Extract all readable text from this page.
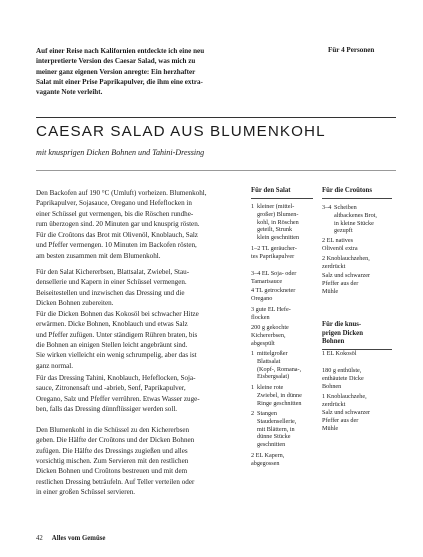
Auf einer Reise nach Kalifornien entdeckte ich eine neu
interpretierte Version des Caesar Salad, was mich zu
meiner ganz eigenen Version anregte: Ein herzhafter
Salat mit einer Prise Paprikapulver, die ihm eine extra-
vagante Note verleiht.
Für 4 Personen
CAESAR SALAD AUS BLUMENKOHL
mit knusprigen Dicken Bohnen und Tahini-Dressing
Den Backofen auf 190 °C (Umluft) vorheizen. Blumenkohl,
Paprikapulver, Sojasauce, Oregano und Hefeflocken in
einer Schüssel gut vermengen, bis die Röschen rundhe-
rum überzogen sind. 20 Minuten gar und knusprig rösten.
Für die Croûtons das Brot mit Olivenöl, Knoblauch, Salz
und Pfeffer vermengen. 10 Minuten im Backofen rösten,
am besten zusammen mit dem Blumenkohl.
Für den Salat Kichererbsen, Blattsalat, Zwiebel, Stau-
densellerie und Kapern in einer Schüssel vermengen.
Beiseitestellen und inzwischen das Dressing und die
Dicken Bohnen zubereiten.
Für die Dicken Bohnen das Kokosöl bei schwacher Hitze
erwärmen. Dicke Bohnen, Knoblauch und etwas Salz
und Pfeffer zufügen. Unter ständigem Rühren braten, bis
die Bohnen an einigen Stellen leicht angebräunt sind.
Sie wirken vielleicht ein wenig schrumpelig, aber das ist
ganz normal.
Für das Dressing Tahini, Knoblauch, Hefeflocken, Soja-
sauce, Zitronensaft und -abrieb, Senf, Paprikapulver,
Oregano, Salz und Pfeffer verrühren. Etwas Wasser zuge-
ben, falls das Dressing dünnflüssiger werden soll.
Den Blumenkohl in die Schüssel zu den Kichererbsen
geben. Die Hälfte der Croûtons und der Dicken Bohnen
zufügen. Die Hälfte des Dressings zugießen und alles
vorsichtig mischen. Zum Servieren mit den restlichen
Dicken Bohnen und Croûtons bestreuen und mit dem
restlichen Dressing beträufeln. Auf Teller verteilen oder
in einer großen Schüssel servieren.
Für den Salat
1 kleiner (mittel-
großer) Blumen-
kohl, in Röschen
geteilt, Strunk
klein geschnitten
1–2 TL geräucher-
tes Paprikapulver
3–4 EL Soja- oder
Tamarisauce
4 TL getrockneter
Oregano
3 gute EL Hefe-
flocken
200 g gekochte
Kichererbsen,
abgespült
1 mittelgroßer
Blattsalat
(Kopf-, Romana-,
Eisbergsalat)
1 kleine rote
Zwiebel, in dünne
Ringe geschnitten
2 Stangen
Staudensellerie,
mit Blättern, in
dünne Stücke
geschnitten
2 EL Kapern,
abgegossen
Für die Croûtons
3–4 Scheiben
altbackenes Brot,
in kleine Stücke
gezupft
2 EL natives
Olivenöl extra
2 Knoblauchzehen,
zerdrückt
Salz und schwarzer
Pfeffer aus der
Mühle
Für die knus-
prigen Dicken
Bohnen
1 EL Kokosöl
180 g enthülste,
enthäutete Dicke
Bohnen
1 Knoblauchzehe,
zerdrückt
Salz und schwarzer
Pfeffer aus der
Mühle
42 Alles vom Gemüse
